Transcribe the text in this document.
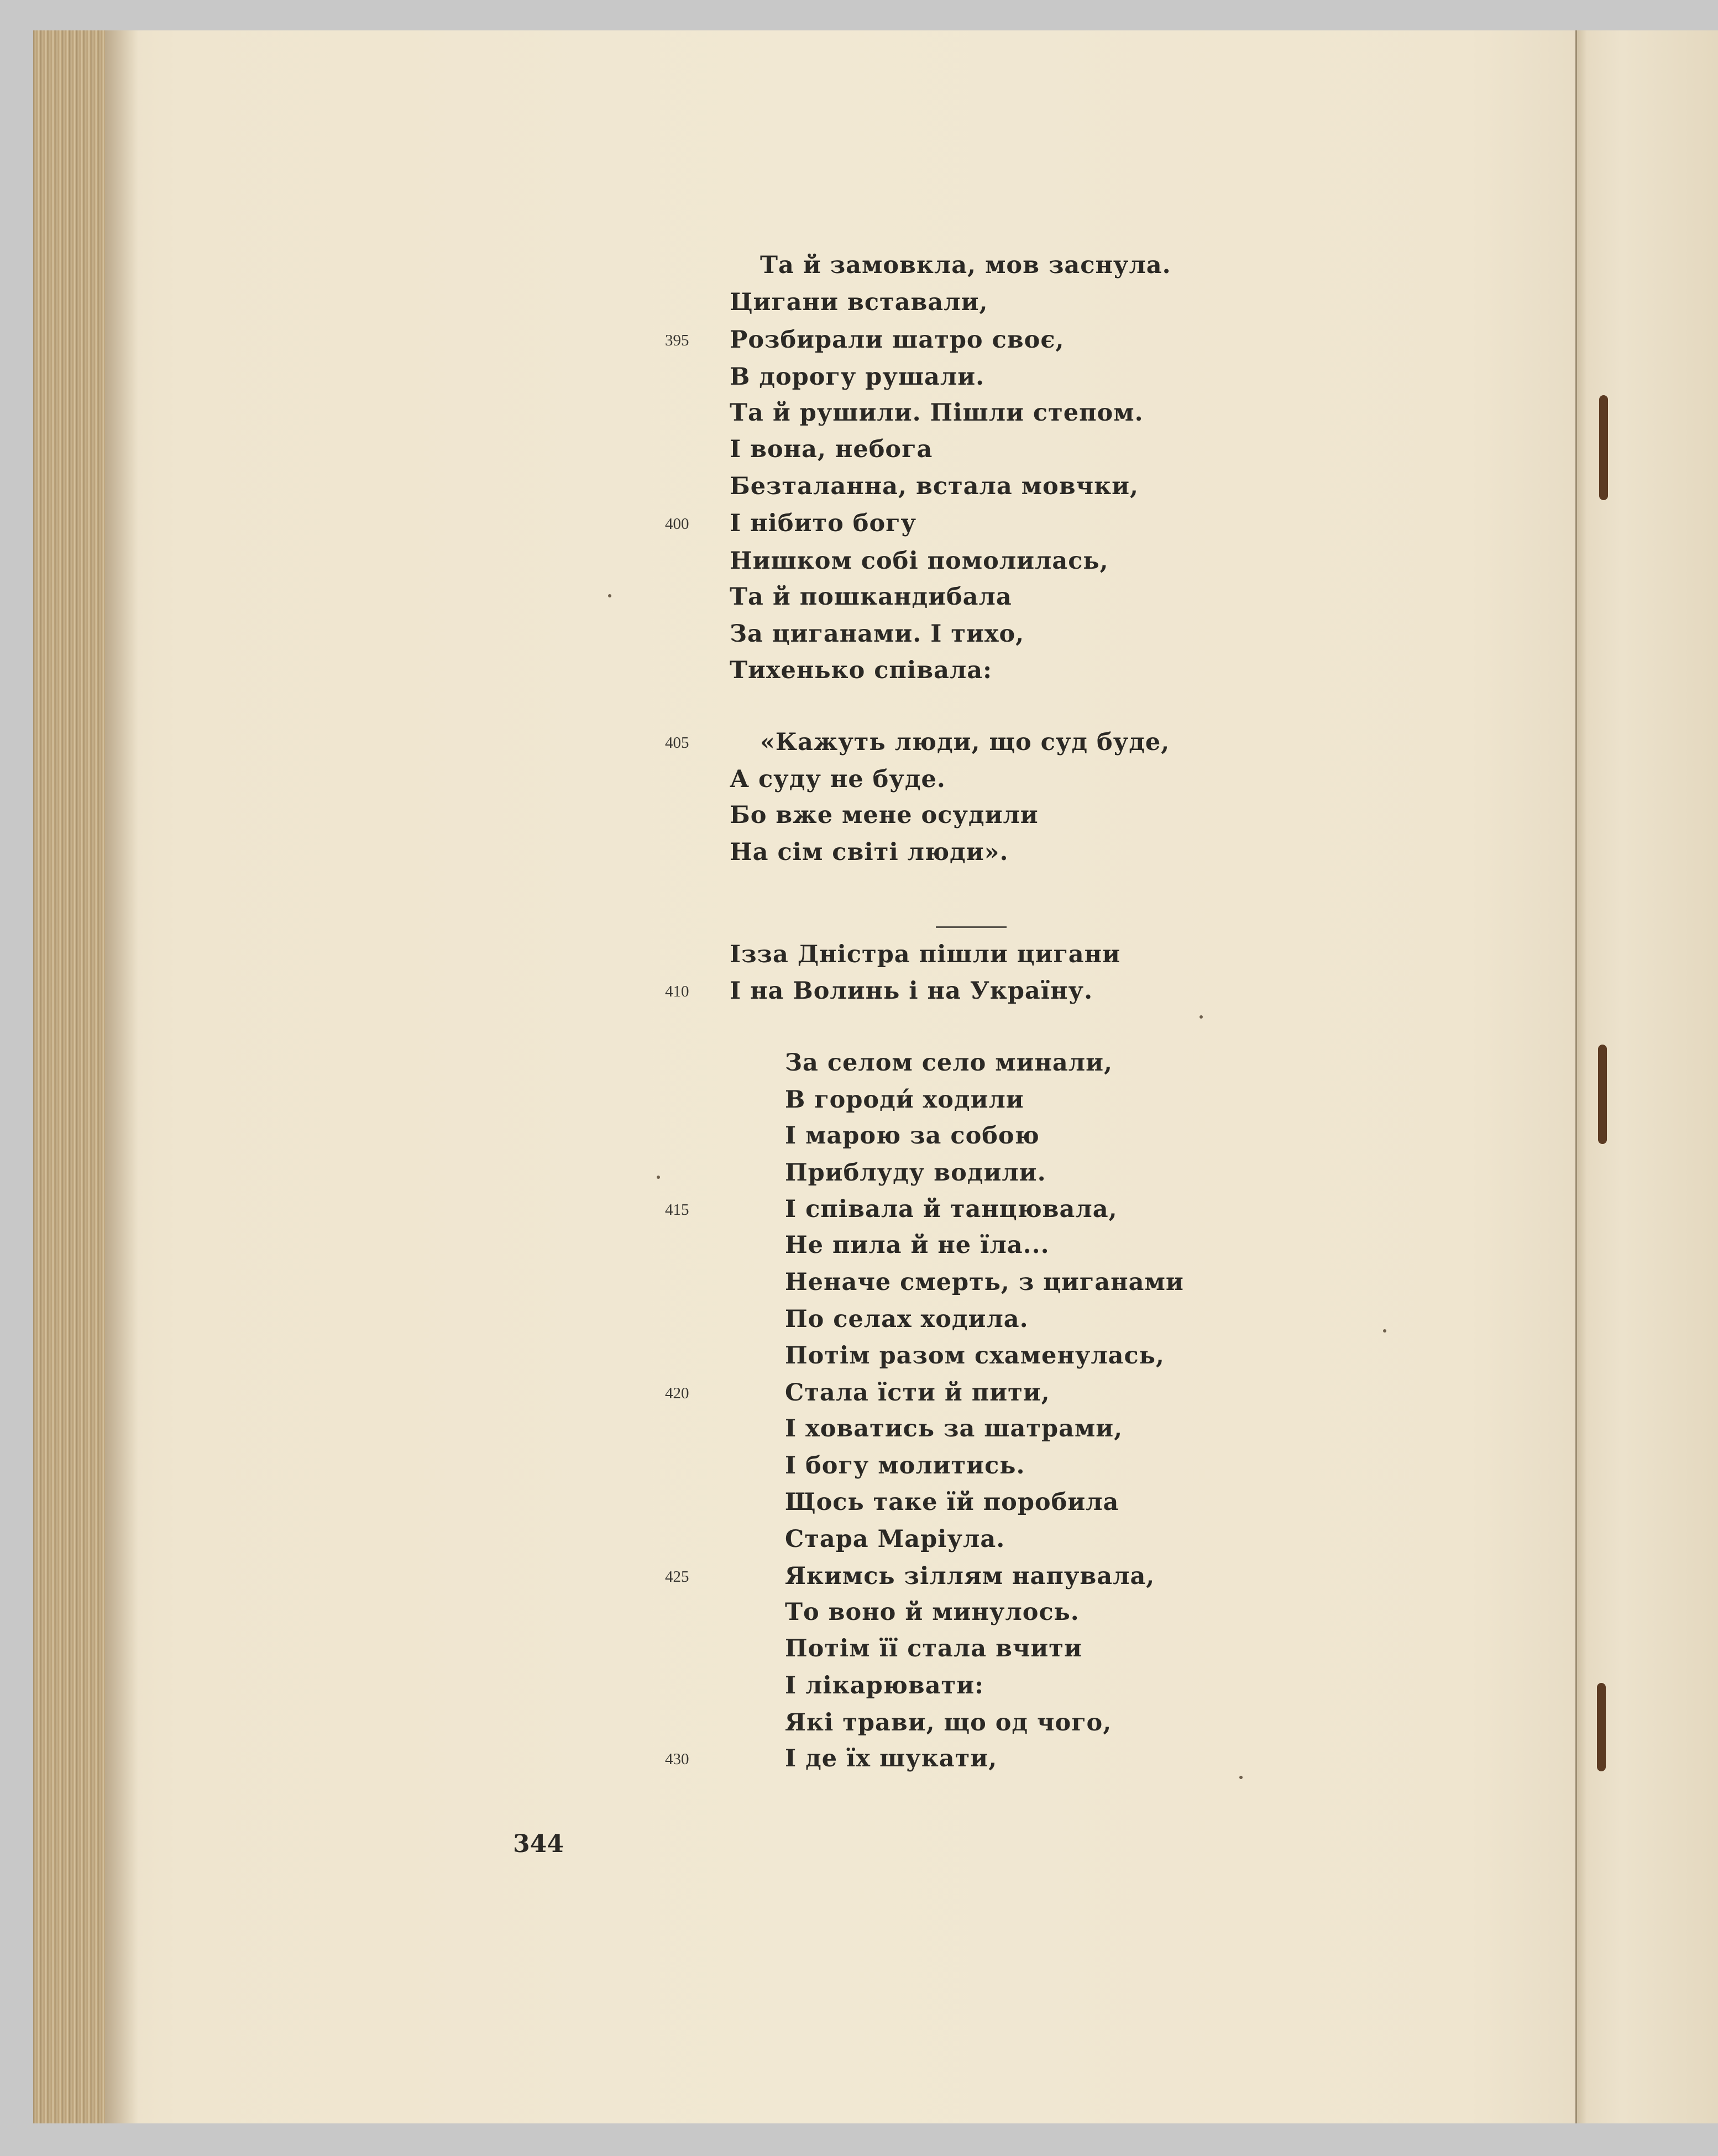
Та й замовкла, мов заснула.
Цигани вставали,
Розбирали шатро своє,
395
В дорогу рушали.
Та й рушили. Пішли степом.
І вона, небога
Безталанна, встала мовчки,
І нібито богу
400
Нишком собі помолилась,
Та й пошкандибала
За циганами. І тихо,
Тихенько співала:
«Кажуть люди, що суд буде,
405
А суду не буде.
Бо вже мене осудили
На сім світі люди».
Ізза Дністра пішли цигани
І на Волинь і на Україну.
410
За селом село минали,
В городи́ ходили
І марою за собою
Приблуду водили.
І співала й танцювала,
415
Не пила й не їла...
Неначе смерть, з циганами
По селах ходила.
Потім разом схаменулась,
Стала їсти й пити,
420
І ховатись за шатрами,
І богу молитись.
Щось таке їй поробила
Стара Маріула.
Якимсь зіллям напувала,
425
То воно й минулось.
Потім її стала вчити
І лікарювати:
Які трави, що од чого,
І де їх шукати,
430
344
